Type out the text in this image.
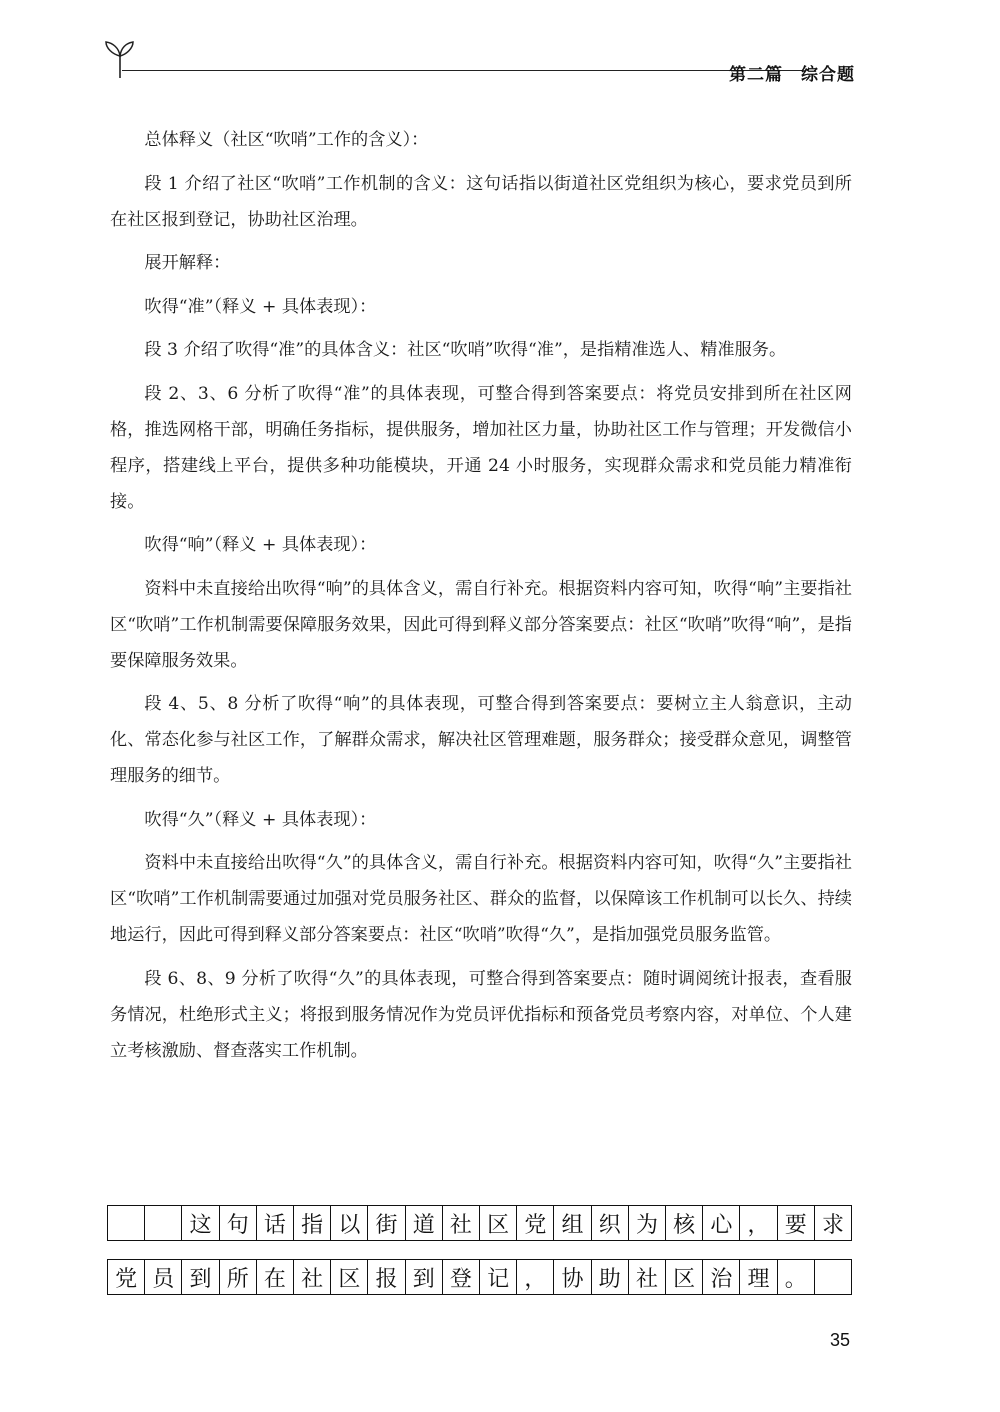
第二篇　综合题

总体释义（社区“吹哨”工作的含义）：

段 1 介绍了社区“吹哨”工作机制的含义：这句话指以街道社区党组织为核心，要求党员到所在社区报到登记，协助社区治理。

展开解释：

吹得“准”（释义 + 具体表现）：

段 3 介绍了吹得“准”的具体含义：社区“吹哨”吹得“准”，是指精准选人、精准服务。

段 2、3、6 分析了吹得“准”的具体表现，可整合得到答案要点：将党员安排到所在社区网格，推选网格干部，明确任务指标，提供服务，增加社区力量，协助社区工作与管理；开发微信小程序，搭建线上平台，提供多种功能模块，开通 24 小时服务，实现群众需求和党员能力精准衔接。

吹得“响”（释义 + 具体表现）：

资料中未直接给出吹得“响”的具体含义，需自行补充。根据资料内容可知，吹得“响”主要指社区“吹哨”工作机制需要保障服务效果，因此可得到释义部分答案要点：社区“吹哨”吹得“响”，是指要保障服务效果。

段 4、5、8 分析了吹得“响”的具体表现，可整合得到答案要点：要树立主人翁意识，主动化、常态化参与社区工作，了解群众需求，解决社区管理难题，服务群众；接受群众意见，调整管理服务的细节。

吹得“久”（释义 + 具体表现）：

资料中未直接给出吹得“久”的具体含义，需自行补充。根据资料内容可知，吹得“久”主要指社区“吹哨”工作机制需要通过加强对党员服务社区、群众的监督，以保障该工作机制可以长久、持续地运行，因此可得到释义部分答案要点：社区“吹哨”吹得“久”，是指加强党员服务监管。

段 6、8、9 分析了吹得“久”的具体表现，可整合得到答案要点：随时调阅统计报表，查看服务情况，杜绝形式主义；将报到服务情况作为党员评优指标和预备党员考察内容，对单位、个人建立考核激励、督查落实工作机制。

这 句 话 指 以 街 道 社 区 党 组 织 为 核 心 ， 要 求
党 员 到 所 在 社 区 报 到 登 记 ， 协 助 社 区 治 理 。
35
